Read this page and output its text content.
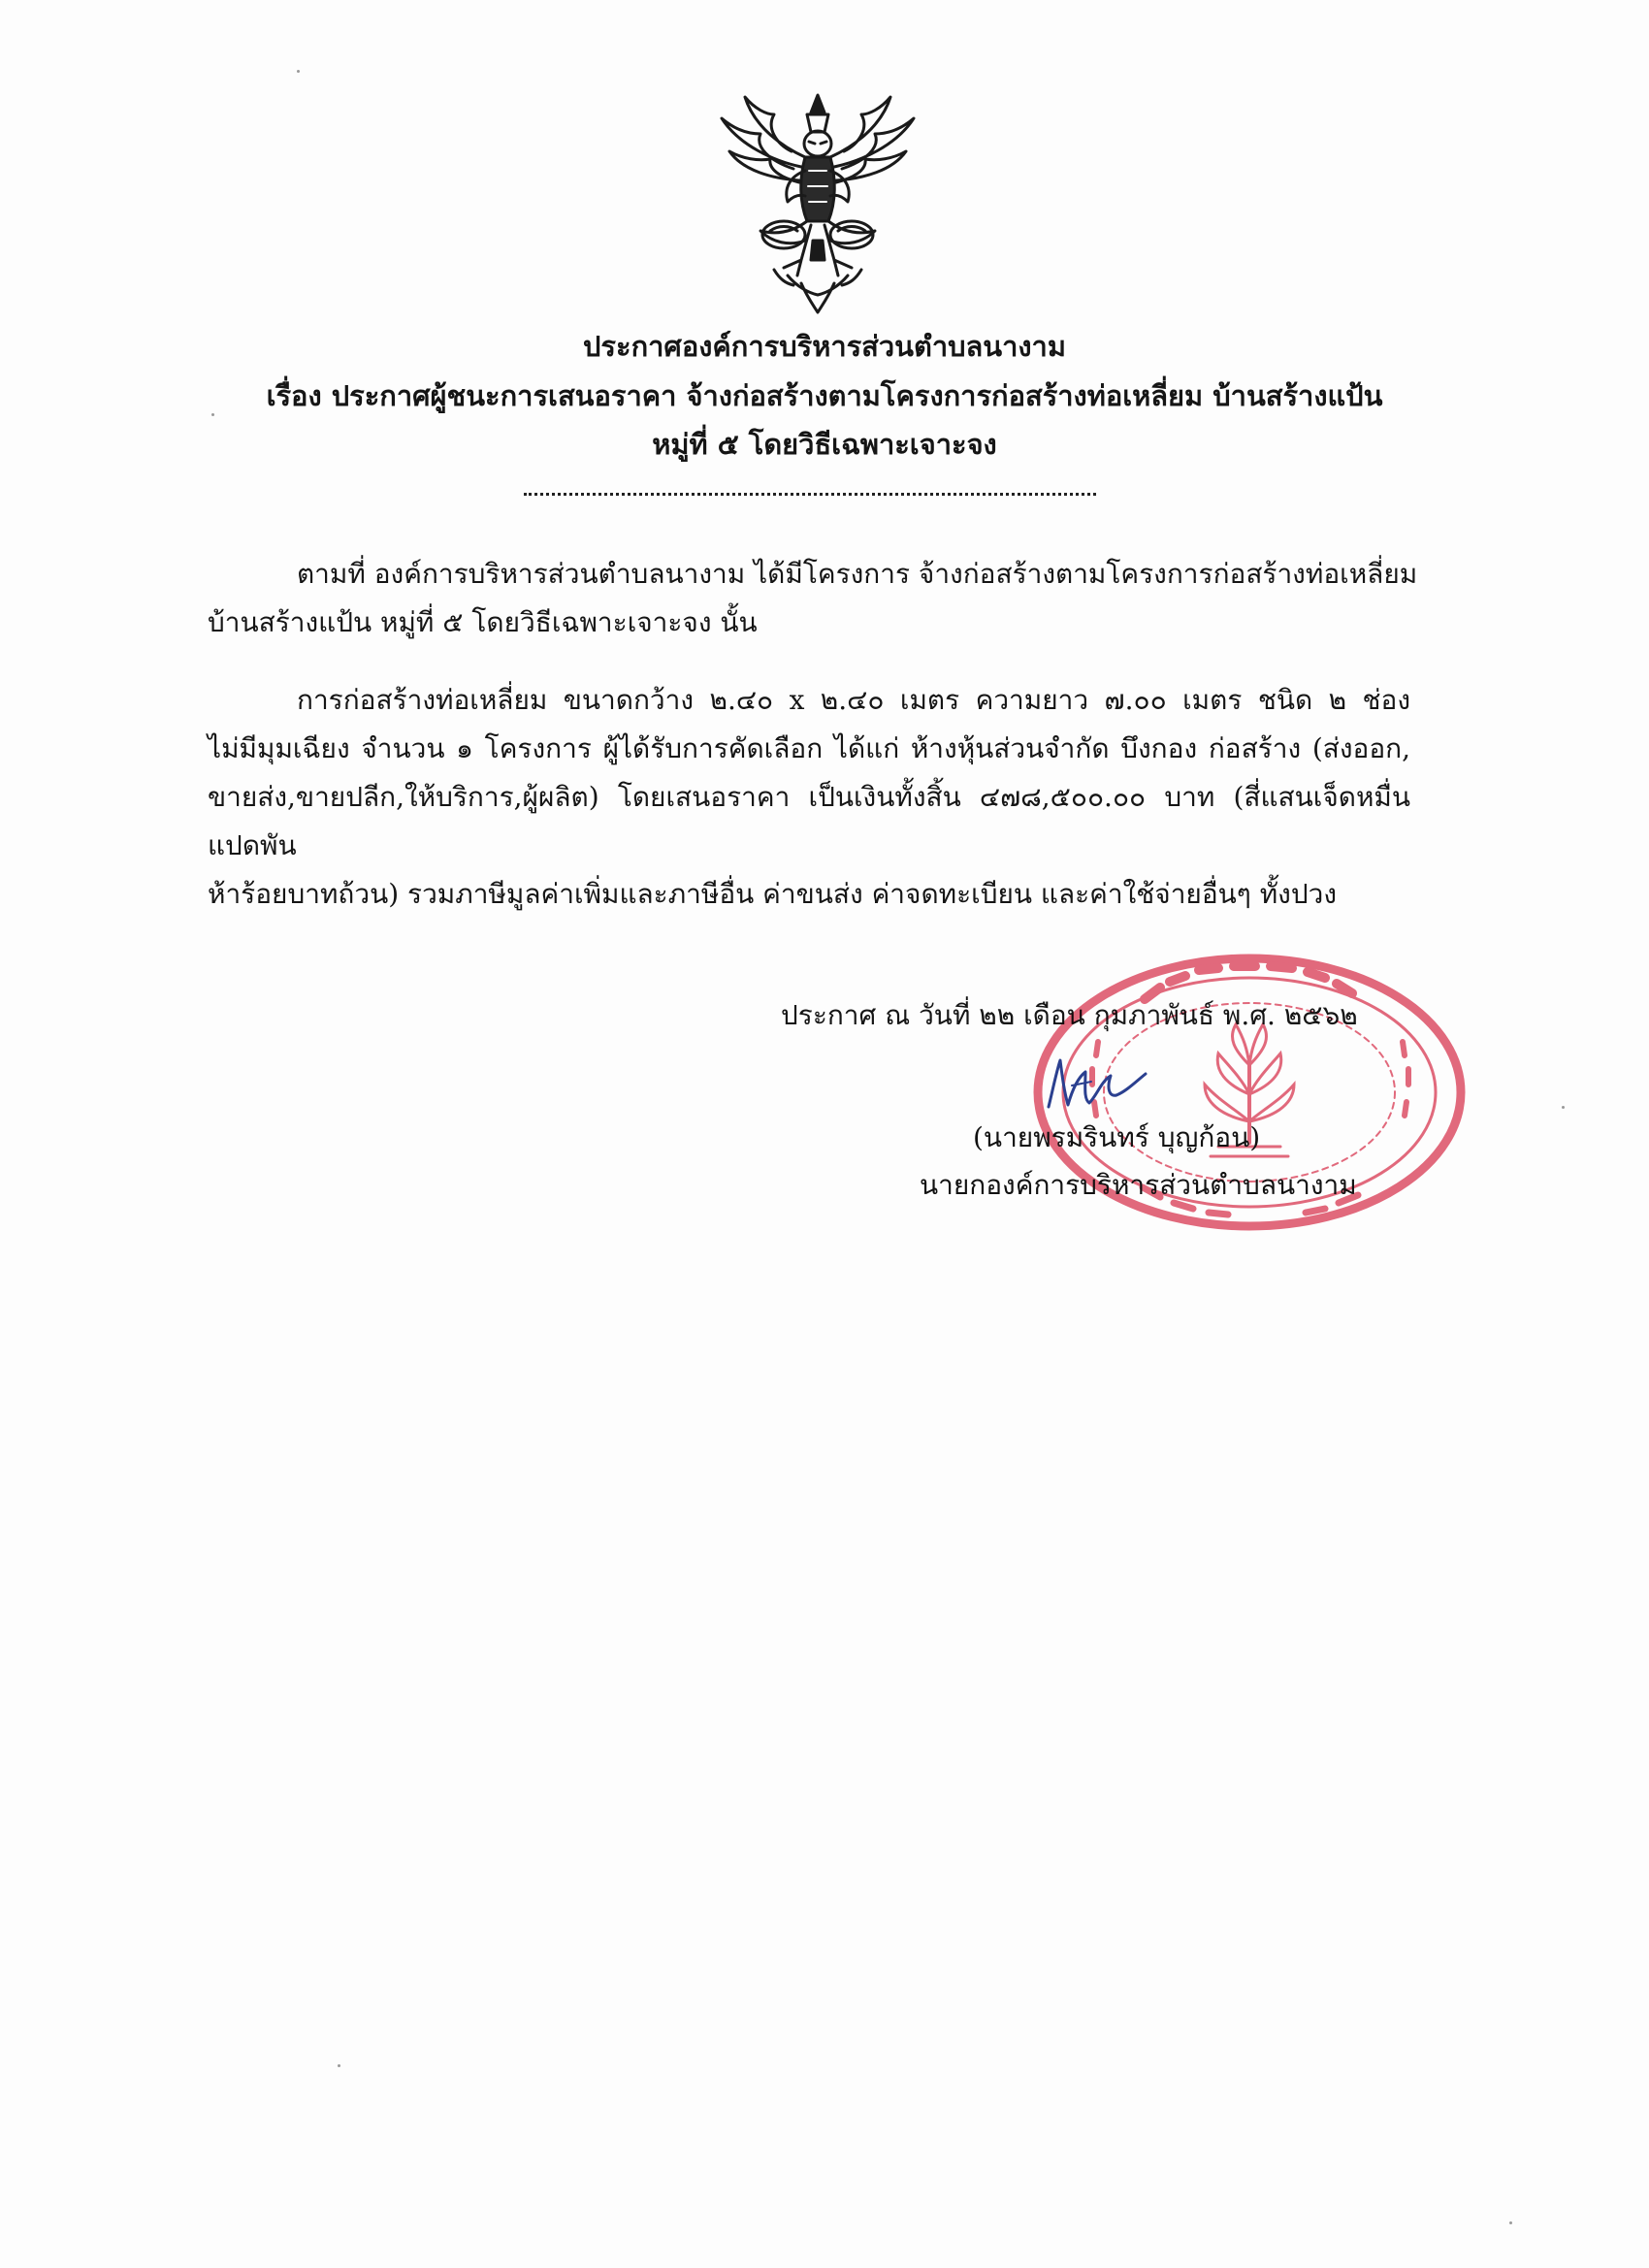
ประกาศองค์การบริหารส่วนตำบลนางาม
เรื่อง ประกาศผู้ชนะการเสนอราคา จ้างก่อสร้างตามโครงการก่อสร้างท่อเหลี่ยม บ้านสร้างแป้น
หมู่ที่ ๕ โดยวิธีเฉพาะเจาะจง
ตามที่ องค์การบริหารส่วนตำบลนางาม ได้มีโครงการ จ้างก่อสร้างตามโครงการก่อสร้างท่อเหลี่ยม
บ้านสร้างแป้น หมู่ที่ ๕ โดยวิธีเฉพาะเจาะจง นั้น
การก่อสร้างท่อเหลี่ยม ขนาดกว้าง ๒.๔๐ x ๒.๔๐ เมตร ความยาว ๗.๐๐ เมตร ชนิด ๒ ช่อง
ไม่มีมุมเฉียง จำนวน ๑ โครงการ ผู้ได้รับการคัดเลือก ได้แก่ ห้างหุ้นส่วนจำกัด บึงกอง ก่อสร้าง (ส่งออก,
ขายส่ง,ขายปลีก,ให้บริการ,ผู้ผลิต) โดยเสนอราคา เป็นเงินทั้งสิ้น ๔๗๘,๕๐๐.๐๐ บาท (สี่แสนเจ็ดหมื่นแปดพัน
ห้าร้อยบาทถ้วน) รวมภาษีมูลค่าเพิ่มและภาษีอื่น ค่าขนส่ง ค่าจดทะเบียน และค่าใช้จ่ายอื่นๆ ทั้งปวง
ประกาศ ณ วันที่ ๒๒ เดือน กุมภาพันธ์ พ.ศ. ๒๕๖๒
(นายพรมรินทร์ บุญก้อน)
นายกองค์การบริหารส่วนตำบลนางาม
